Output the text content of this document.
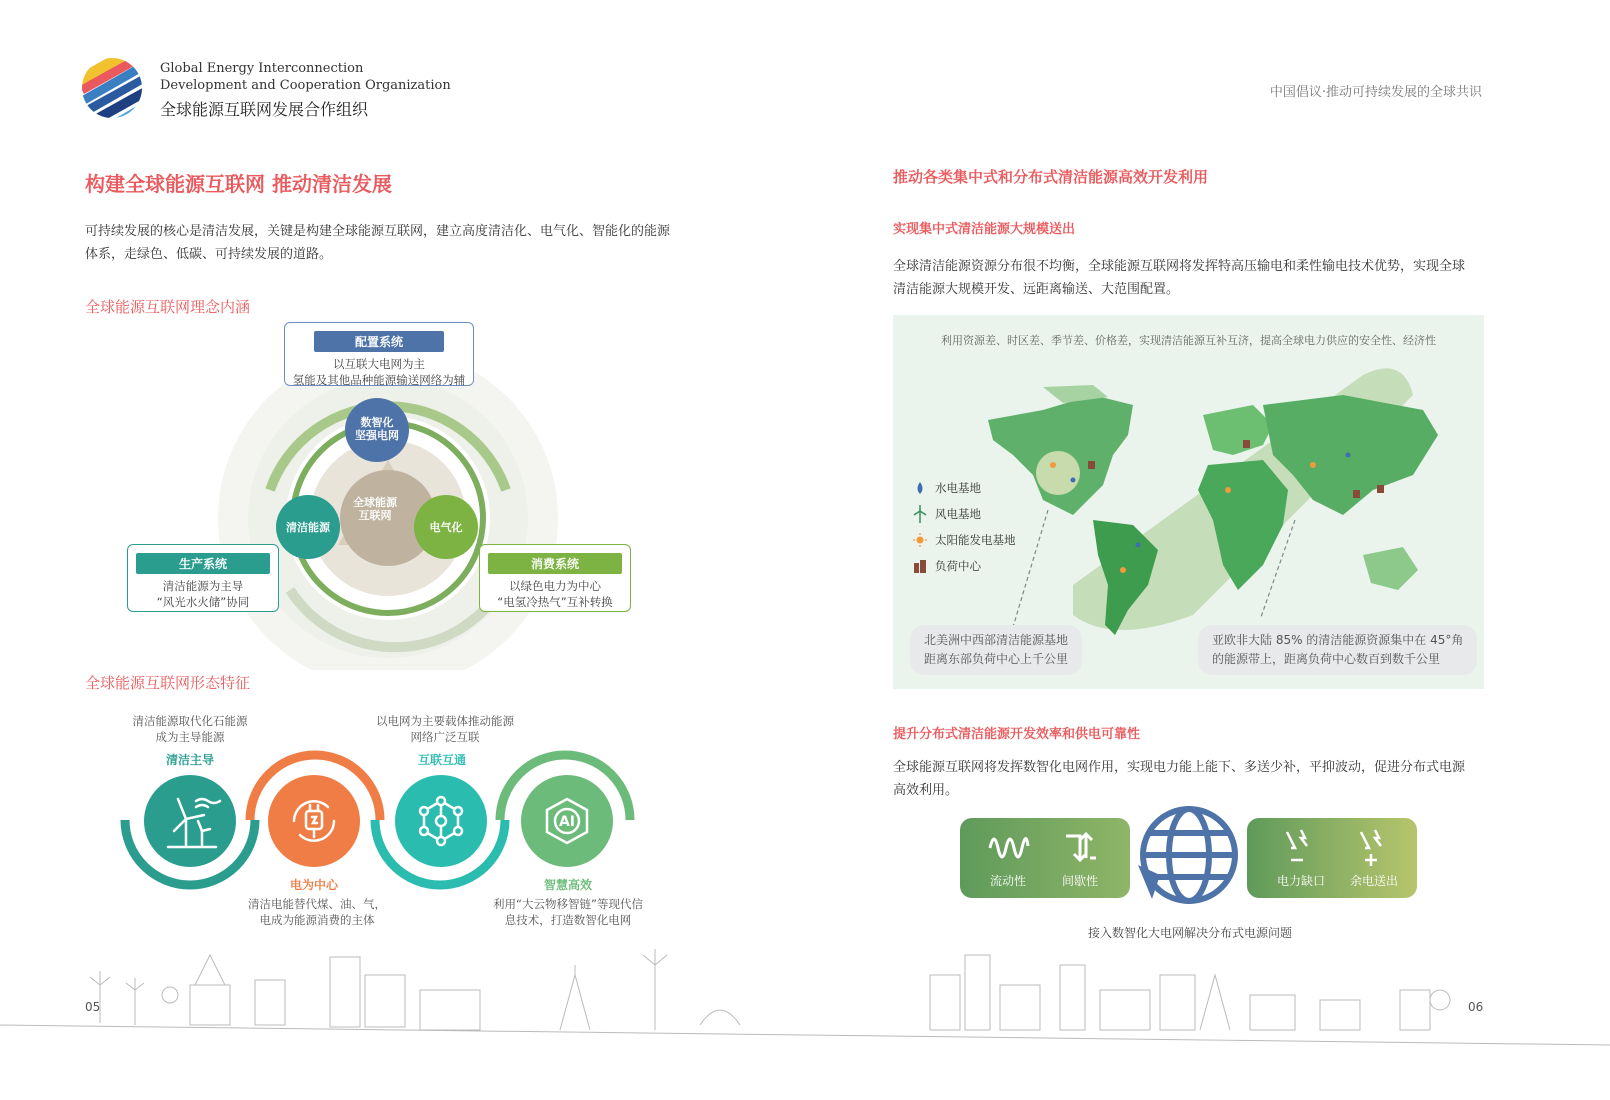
Global Energy Interconnection
Development and Cooperation Organization
全球能源互联网发展合作组织
中国倡议·推动可持续发展的全球共识
构建全球能源互联网 推动清洁发展
可持续发展的核心是清洁发展，关键是构建全球能源互联网，建立高度清洁化、电气化、智能化的能源
体系，走绿色、低碳、可持续发展的道路。
全球能源互联网理念内涵
全球能源
互联网
数智化
坚强电网
清洁能源	电气化
配置系统
以互联大电网为主
氢能及其他品种能源输送网络为辅
生产系统
清洁能源为主导
“风光水火储”协同
消费系统
以绿色电力为中心
“电氢冷热气”互补转换
全球能源互联网形态特征
清洁能源取代化石能源
成为主导能源
清洁主导
电为中心
清洁电能替代煤、油、气，
电成为能源消费的主体
以电网为主要载体推动能源
网络广泛互联
互联互通
智慧高效
利用“大云物移智链”等现代信
息技术，打造数智化电网
AI
推动各类集中式和分布式清洁能源高效开发利用
实现集中式清洁能源大规模送出
全球清洁能源资源分布很不均衡，全球能源互联网将发挥特高压输电和柔性输电技术优势，实现全球
清洁能源大规模开发、远距离输送、大范围配置。
利用资源差、时区差、季节差、价格差，实现清洁能源互补互济，提高全球电力供应的安全性、经济性
水电基地
风电基地
太阳能发电基地
负荷中心
北美洲中西部清洁能源基地
距离东部负荷中心上千公里
亚欧非大陆 85% 的清洁能源资源集中在 45°角
的能源带上，距离负荷中心数百到数千公里
提升分布式清洁能源开发效率和供电可靠性
全球能源互联网将发挥数智化电网作用，实现电力能上能下、多送少补，平抑波动，促进分布式电源
高效利用。
流动性	间歇性	电力缺口	余电送出
接入数智化大电网解决分布式电源问题
05	06
